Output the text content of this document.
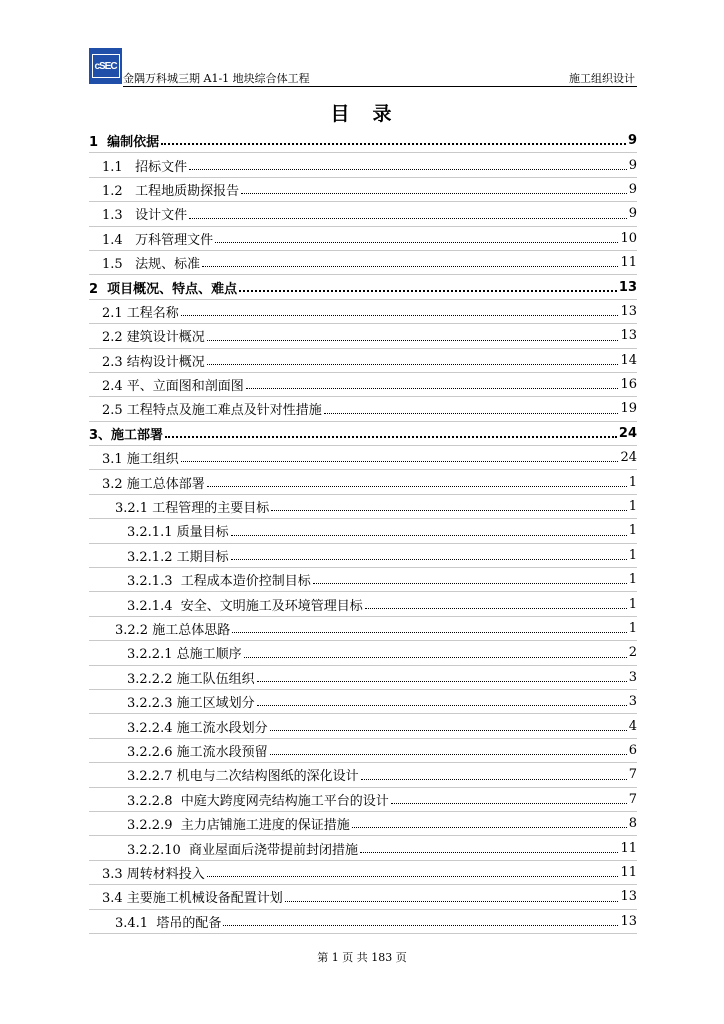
cSEC
金隅万科城三期 A1-1 地块综合体工程	施工组织设计
目　录
1  编制依据	9
1.1   招标文件	9
1.2   工程地质勘探报告	9
1.3   设计文件	9
1.4   万科管理文件	10
1.5   法规、标准	11
2  项目概况、特点、难点	13
2.1 工程名称	13
2.2 建筑设计概况	13
2.3 结构设计概况	14
2.4 平、立面图和剖面图	16
2.5 工程特点及施工难点及针对性措施	19
3、施工部署	24
3.1 施工组织	24
3.2 施工总体部署	1
3.2.1 工程管理的主要目标	1
3.2.1.1 质量目标	1
3.2.1.2 工期目标	1
3.2.1.3  工程成本造价控制目标	1
3.2.1.4  安全、文明施工及环境管理目标	1
3.2.2 施工总体思路	1
3.2.2.1 总施工顺序	2
3.2.2.2 施工队伍组织	3
3.2.2.3 施工区域划分	3
3.2.2.4 施工流水段划分	4
3.2.2.6 施工流水段预留	6
3.2.2.7 机电与二次结构图纸的深化设计	7
3.2.2.8  中庭大跨度网壳结构施工平台的设计	7
3.2.2.9  主力店铺施工进度的保证措施	8
3.2.2.10  商业屋面后浇带提前封闭措施	11
3.3 周转材料投入	11
3.4 主要施工机械设备配置计划	13
3.4.1  塔吊的配备	13
第 1 页 共 183 页
